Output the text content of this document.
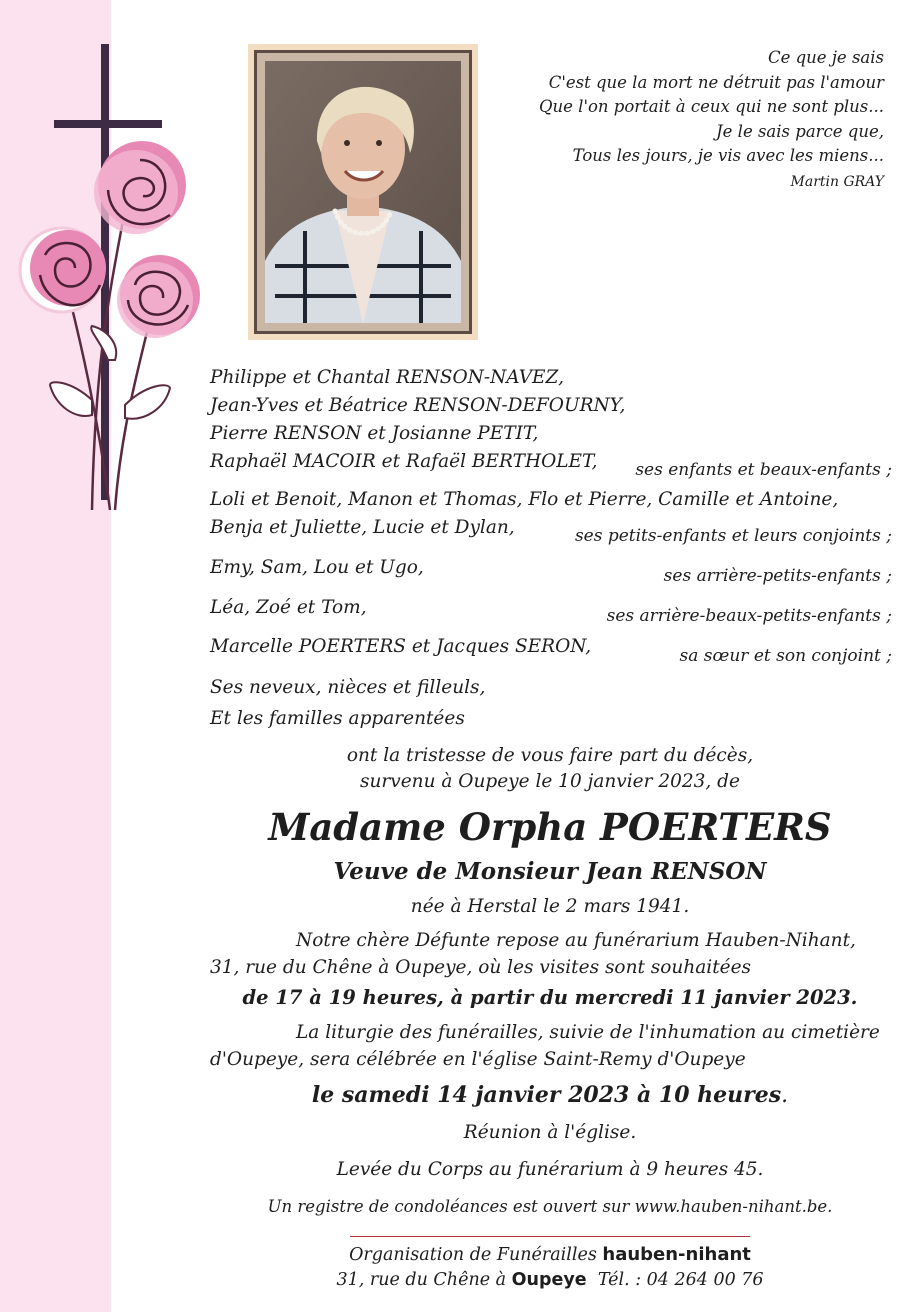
Ce que je sais
C'est que la mort ne détruit pas l'amour
Que l'on portait à ceux qui ne sont plus...
Je le sais parce que,
Tous les jours, je vis avec les miens...
Martin GRAY
Philippe et Chantal RENSON-NAVEZ,
Jean-Yves et Béatrice RENSON-DEFOURNY,
Pierre RENSON et Josianne PETIT,
Raphaël MACOIR et Rafaël BERTHOLET, ses enfants et beaux-enfants ;
Loli et Benoit, Manon et Thomas, Flo et Pierre, Camille et Antoine,
Benja et Juliette, Lucie et Dylan,	ses petits-enfants et leurs conjoints ;
Emy, Sam, Lou et Ugo,	ses arrière-petits-enfants ;
Léa, Zoé et Tom,	ses arrière-beaux-petits-enfants ;
Marcelle POERTERS et Jacques SERON,	sa sœur et son conjoint ;
Ses neveux, nièces et filleuls,
Et les familles apparentées
ont la tristesse de vous faire part du décès,
survenu à Oupeye le 10 janvier 2023, de
Madame Orpha POERTERS
Veuve de Monsieur Jean RENSON
née à Herstal le 2 mars 1941.
Notre chère Défunte repose au funérarium Hauben-Nihant,
31, rue du Chêne à Oupeye, où les visites sont souhaitées
de 17 à 19 heures, à partir du mercredi 11 janvier 2023.
La liturgie des funérailles, suivie de l'inhumation au cimetière
d'Oupeye, sera célébrée en l'église Saint-Remy d'Oupeye
le samedi 14 janvier 2023 à 10 heures.
Réunion à l'église.
Levée du Corps au funérarium à 9 heures 45.
Un registre de condoléances est ouvert sur www.hauben-nihant.be.
Organisation de Funérailles hauben-nihant
31, rue du Chêne à Oupeye Tél. : 04 264 00 76
